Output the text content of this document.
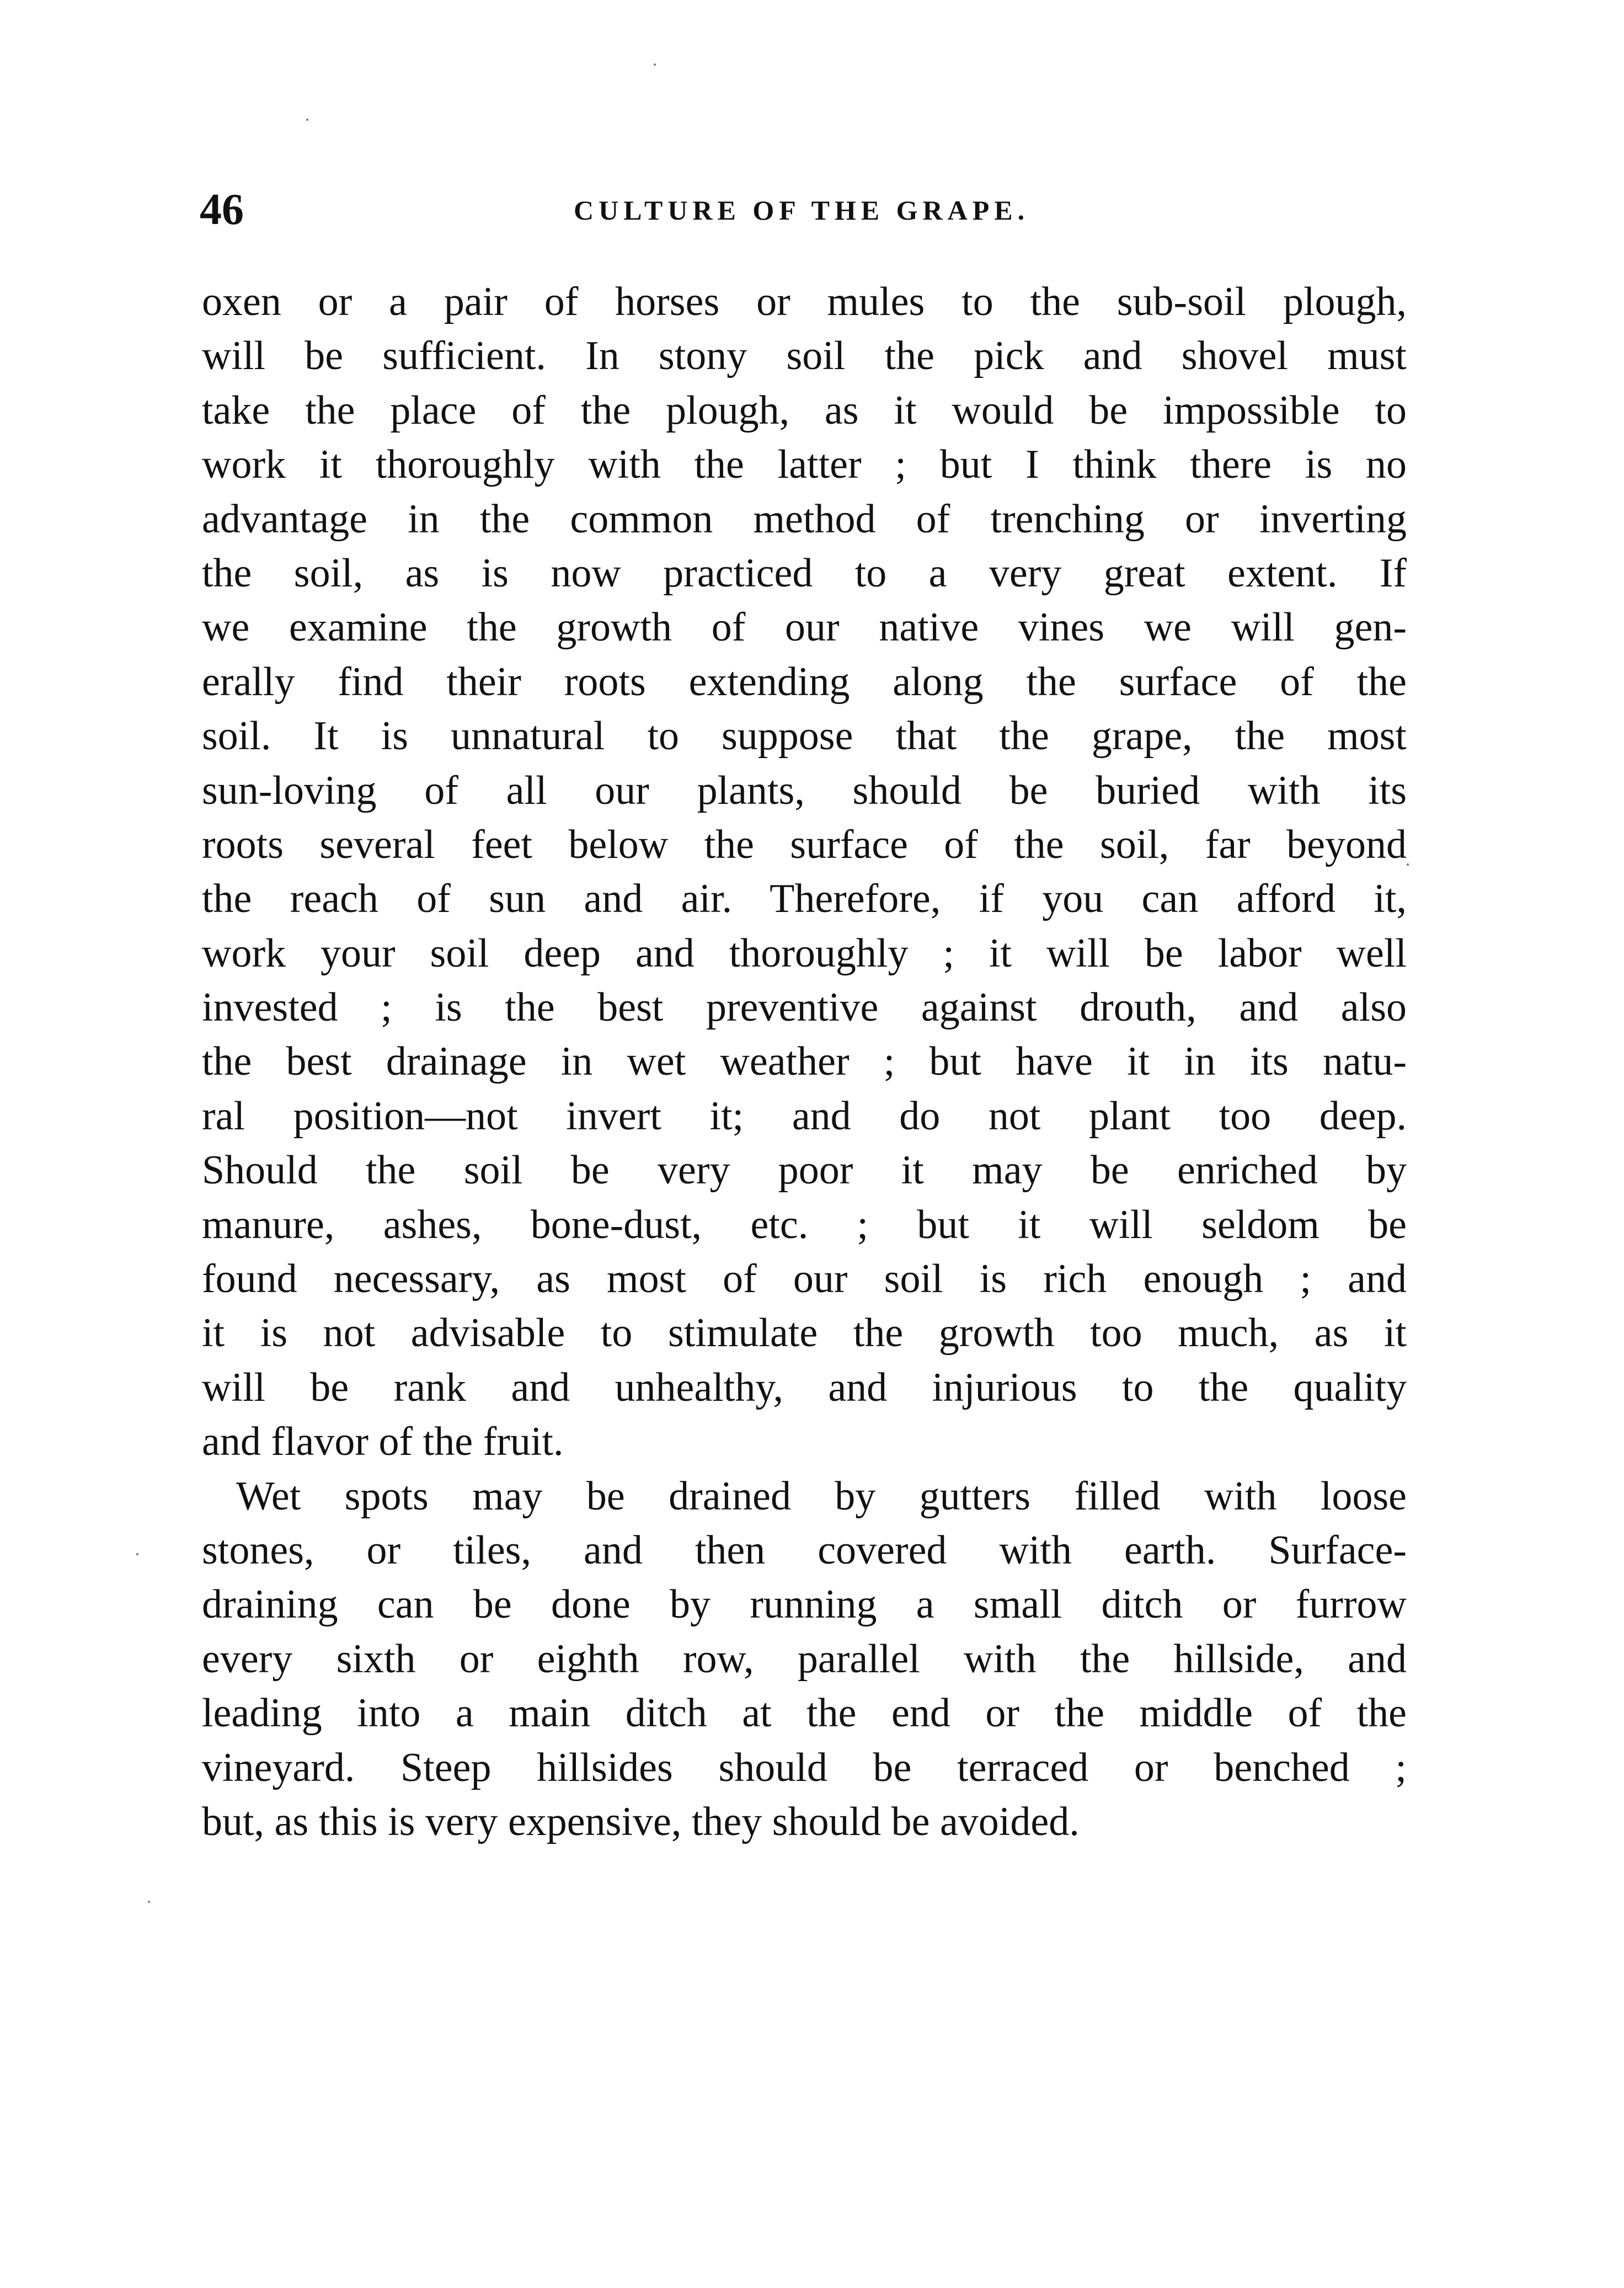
46	CULTURE OF THE GRAPE.
oxen or a pair of horses or mules to the sub-soil plough,
will be sufficient. In stony soil the pick and shovel must
take the place of the plough, as it would be impossible to
work it thoroughly with the latter ; but I think there is no
advantage in the common method of trenching or inverting
the soil, as is now practiced to a very great extent. If
we examine the growth of our native vines we will gen-
erally find their roots extending along the surface of the
soil. It is unnatural to suppose that the grape, the most
sun-loving of all our plants, should be buried with its
roots several feet below the surface of the soil, far beyond
the reach of sun and air. Therefore, if you can afford it,
work your soil deep and thoroughly ; it will be labor well
invested ; is the best preventive against drouth, and also
the best drainage in wet weather ; but have it in its natu-
ral position—not invert it; and do not plant too deep.
Should the soil be very poor it may be enriched by
manure, ashes, bone-dust, etc. ; but it will seldom be
found necessary, as most of our soil is rich enough ; and
it is not advisable to stimulate the growth too much, as it
will be rank and unhealthy, and injurious to the quality
and flavor of the fruit.
Wet spots may be drained by gutters filled with loose
stones, or tiles, and then covered with earth. Surface-
draining can be done by running a small ditch or furrow
every sixth or eighth row, parallel with the hillside, and
leading into a main ditch at the end or the middle of the
vineyard. Steep hillsides should be terraced or benched ;
but, as this is very expensive, they should be avoided.
